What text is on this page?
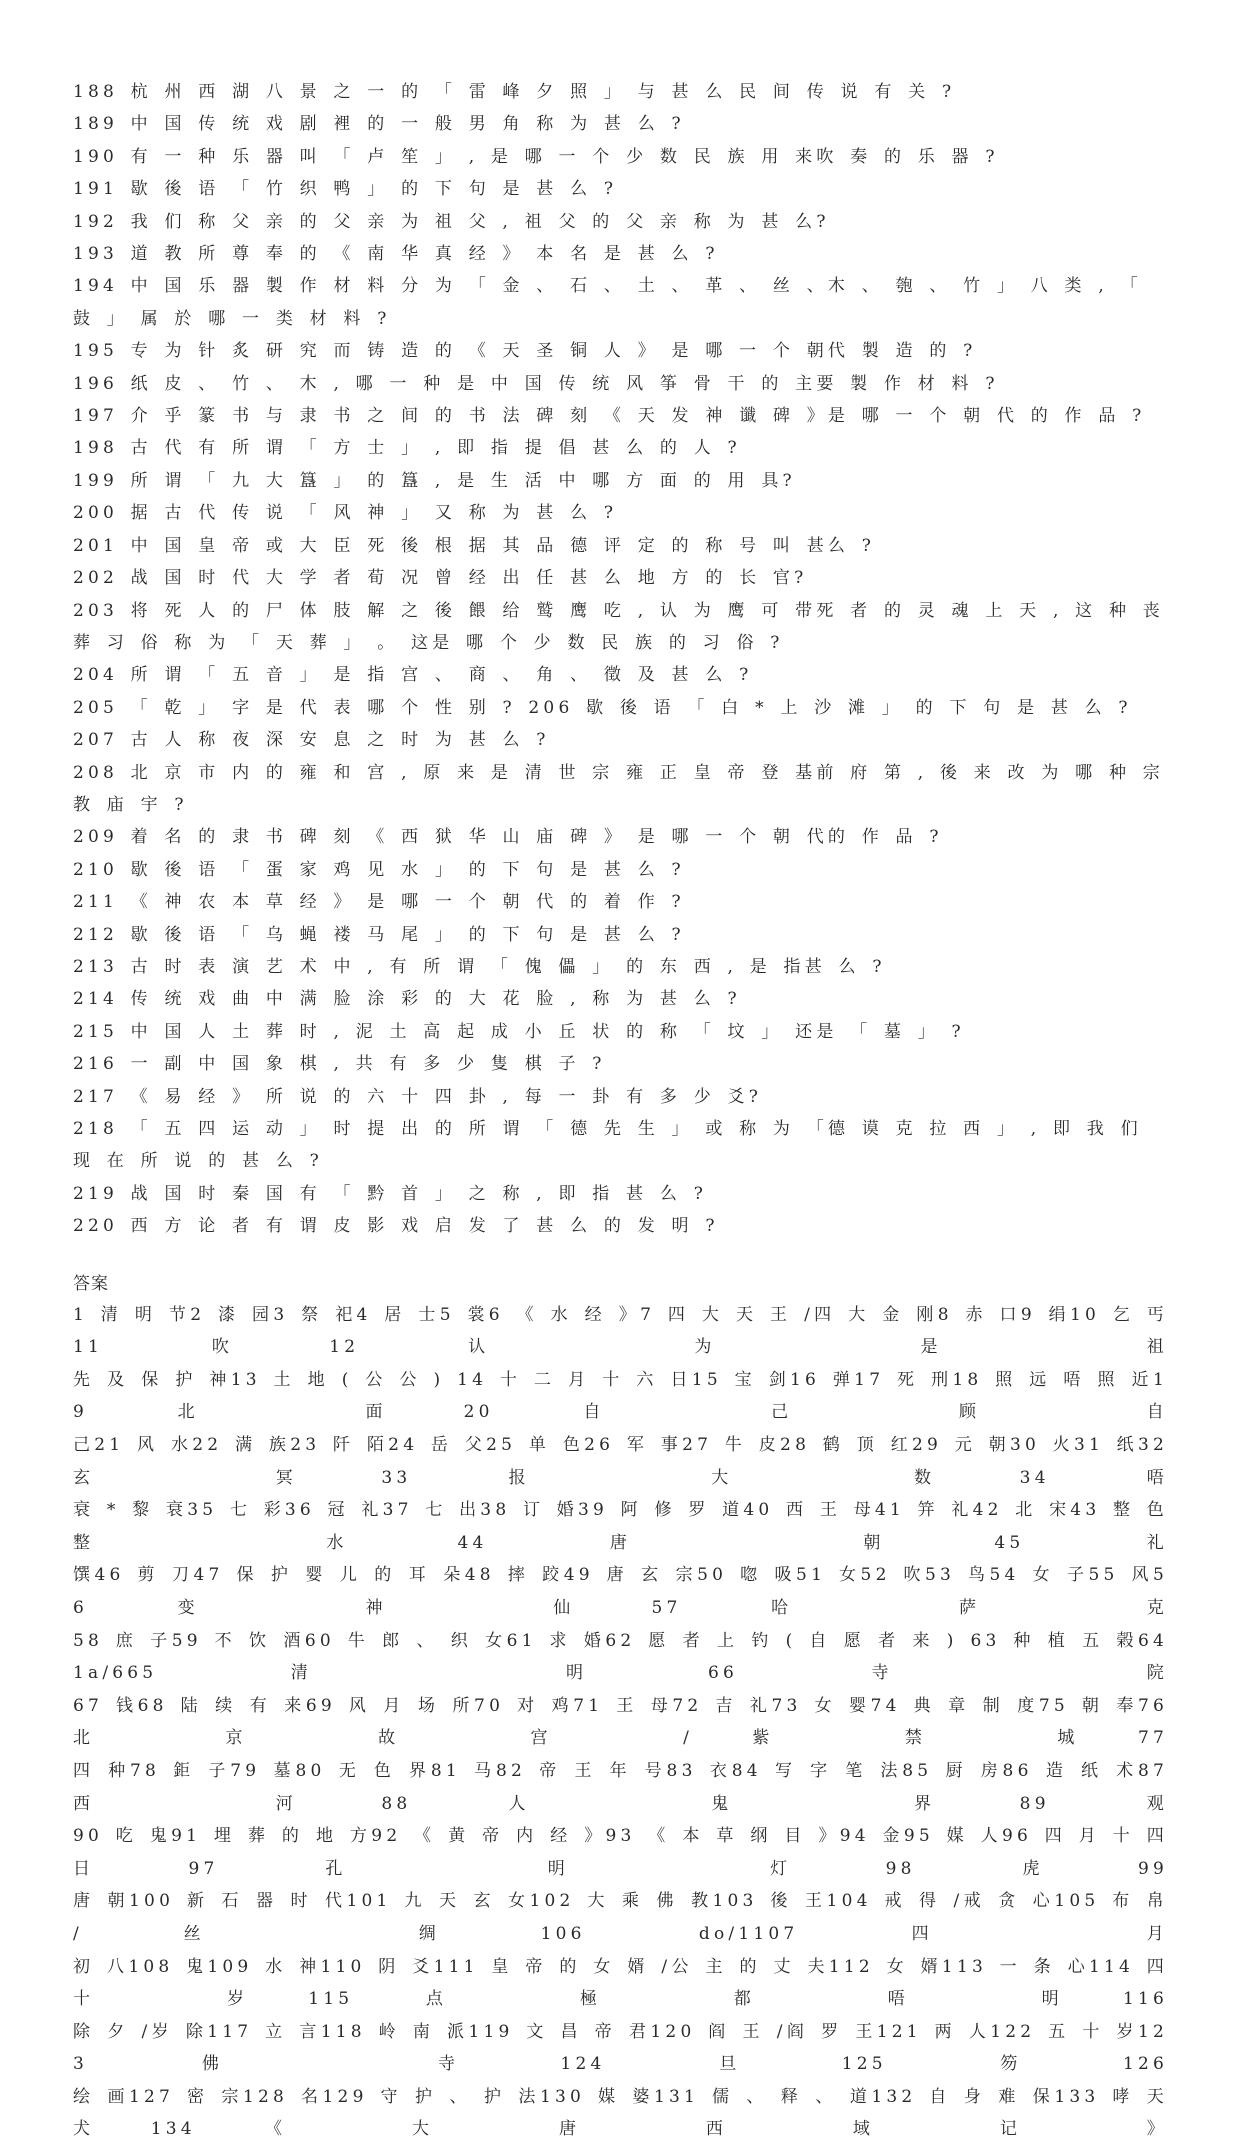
188 杭 州 西 湖 八 景 之 一 的 「 雷 峰 夕 照 」 与 甚 么 民 间 传 说 有 关 ?

189 中 国 传 统 戏 剧 裡 的 一 般 男 角 称 为 甚 么 ?

190 有 一 种 乐 器 叫 「 卢 笙 」 , 是 哪 一 个 少 数 民 族 用 来吹 奏 的 乐 器 ?

191 歇 後 语 「 竹 织 鸭 」 的 下 句 是 甚 么 ?

192 我 们 称 父 亲 的 父 亲 为 祖 父 , 祖 父 的 父 亲 称 为 甚 么?

193 道 教 所 尊 奉 的 《 南 华 真 经 》 本 名 是 甚 么 ?

194 中 国 乐 器 製 作 材 料 分 为 「 金 、 石 、 土 、 革 、 丝 、木 、 匏 、 竹 」 八 类 , 「 鼓 」 属 於 哪 一 类 材 料 ?

195 专 为 针 炙 研 究 而 铸 造 的 《 天 圣 铜 人 》 是 哪 一 个 朝代 製 造 的 ?

196 纸 皮 、 竹 、 木 , 哪 一 种 是 中 国 传 统 风 筝 骨 干 的 主要 製 作 材 料 ?

197 介 乎 篆 书 与 隶 书 之 间 的 书 法 碑 刻 《 天 发 神 谶 碑 》是 哪 一 个 朝 代 的 作 品 ?

198 古 代 有 所 谓 「 方 士 」 , 即 指 提 倡 甚 么 的 人 ?

199 所 谓 「 九 大 簋 」 的 簋 , 是 生 活 中 哪 方 面 的 用 具?

200 据 古 代 传 说 「 风 神 」 又 称 为 甚 么 ?

201 中 国 皇 帝 或 大 臣 死 後 根 据 其 品 德 评 定 的 称 号 叫 甚么 ?

202 战 国 时 代 大 学 者 荀 况 曾 经 出 任 甚 么 地 方 的 长 官?

203 将 死 人 的 尸 体 肢 解 之 後 餵 给 鹫 鹰 吃 , 认 为 鹰 可 带死 者 的 灵 魂 上 天 , 这 种 丧 葬 习 俗 称 为 「 天 葬 」 。 这是 哪 个 少 数 民 族 的 习 俗 ?

204 所 谓 「 五 音 」 是 指 宫 、 商 、 角 、 徵 及 甚 么 ?

205 「 乾 」 字 是 代 表 哪 个 性 别 ? 206 歇 後 语 「 白 * 上 沙 滩 」 的 下 句 是 甚 么 ?

207 古 人 称 夜 深 安 息 之 时 为 甚 么 ?

208 北 京 市 内 的 雍 和 宫 , 原 来 是 清 世 宗 雍 正 皇 帝 登 基前 府 第 , 後 来 改 为 哪 种 宗 教 庙 宇 ?

209 着 名 的 隶 书 碑 刻 《 西 狱 华 山 庙 碑 》 是 哪 一 个 朝 代的 作 品 ?

210 歇 後 语 「 蛋 家 鸡 见 水 」 的 下 句 是 甚 么 ?

211 《 神 农 本 草 经 》 是 哪 一 个 朝 代 的 着 作 ?

212 歇 後 语 「 乌 蝇 褛 马 尾 」 的 下 句 是 甚 么 ?

213 古 时 表 演 艺 术 中 , 有 所 谓 「 傀 儡 」 的 东 西 , 是 指甚 么 ?

214 传 统 戏 曲 中 满 脸 涂 彩 的 大 花 脸 , 称 为 甚 么 ?

215 中 国 人 土 葬 时 , 泥 土 高 起 成 小 丘 状 的 称 「 坟 」 还是 「 墓 」 ?

216 一 副 中 国 象 棋 , 共 有 多 少 隻 棋 子 ?

217 《 易 经 》 所 说 的 六 十 四 卦 , 每 一 卦 有 多 少 爻?

218 「 五 四 运 动 」 时 提 出 的 所 谓 「 德 先 生 」 或 称 为 「德 谟 克 拉 西 」 , 即 我 们 现 在 所 说 的 甚 么 ?

219 战 国 时 秦 国 有 「 黔 首 」 之 称 , 即 指 甚 么 ?

220 西 方 论 者 有 谓 皮 影 戏 启 发 了 甚 么 的 发 明 ?

答案

1 清 明 节2 漆 园3 祭 祀4 居 士5 裳6 《 水 经 》7 四 大 天 王 /四 大 金 刚8 赤 口9 绢10 乞 丐11 吹12 认 为 是 祖

先 及 保 护 神13 土 地 ( 公 公 ) 14 十 二 月 十 六 日15 宝 剑16 弹17 死 刑18 照 远 唔 照 近19 北 面20 自 己 顾 自

己21 风 水22 满 族23 阡 陌24 岳 父25 单 色26 军 事27 牛 皮28 鹤 顶 红29 元 朝30 火31 纸32 玄 冥33 报 大 数34 唔

衰 * 黎 衰35 七 彩36 冠 礼37 七 出38 订 婚39 阿 修 罗 道40 西 王 母41 笄 礼42 北 宋43 整 色 整 水44 唐 朝45 礼

馔46 剪 刀47 保 护 婴 儿 的 耳 朵48 摔 跤49 唐 玄 宗50 唿 吸51 女52 吹53 鸟54 女 子55 风56 变 神 仙57 哈 萨 克

58 庶 子59 不 饮 酒60 牛 郎 、 织 女61 求 婚62 愿 者 上 钓 ( 自 愿 者 来 ) 63 种 植 五 榖64 1a/665 清 明66 寺 院

67 钱68 陆 续 有 来69 风 月 场 所70 对 鸡71 王 母72 吉 礼73 女 婴74 典 章 制 度75 朝 奉76 北 京 故 宫 /紫 禁 城77

四 种78 鉅 子79 墓80 无 色 界81 马82 帝 王 年 号83 衣84 写 字 笔 法85 厨 房86 造 纸 术87 西 河88 人 鬼 界89 观

90 吃 鬼91 埋 葬 的 地 方92 《 黄 帝 内 经 》93 《 本 草 纲 目 》94 金95 媒 人96 四 月 十 四 日97 孔 明 灯98 虎99

唐 朝100 新 石 器 时 代101 九 天 玄 女102 大 乘 佛 教103 後 王104 戒 得 /戒 贪 心105 布 帛 /丝 绸106 do/1107 四 月

初 八108 鬼109 水 神110 阴 爻111 皇 帝 的 女 婿 /公 主 的 丈 夫112 女 婿113 一 条 心114 四 十 岁115 点 極 都 唔 明116

除 夕 /岁 除117 立 言118 岭 南 派119 文 昌 帝 君120 阎 王 /阎 罗 王121 两 人122 五 十 岁123 佛 寺124 旦125 笏126

绘 画127 密 宗128 名129 守 护 、 护 法130 媒 婆131 儒 、 释 、 道132 自 身 难 保133 哮 天 犬134 《 大 唐 西 域 记 》
